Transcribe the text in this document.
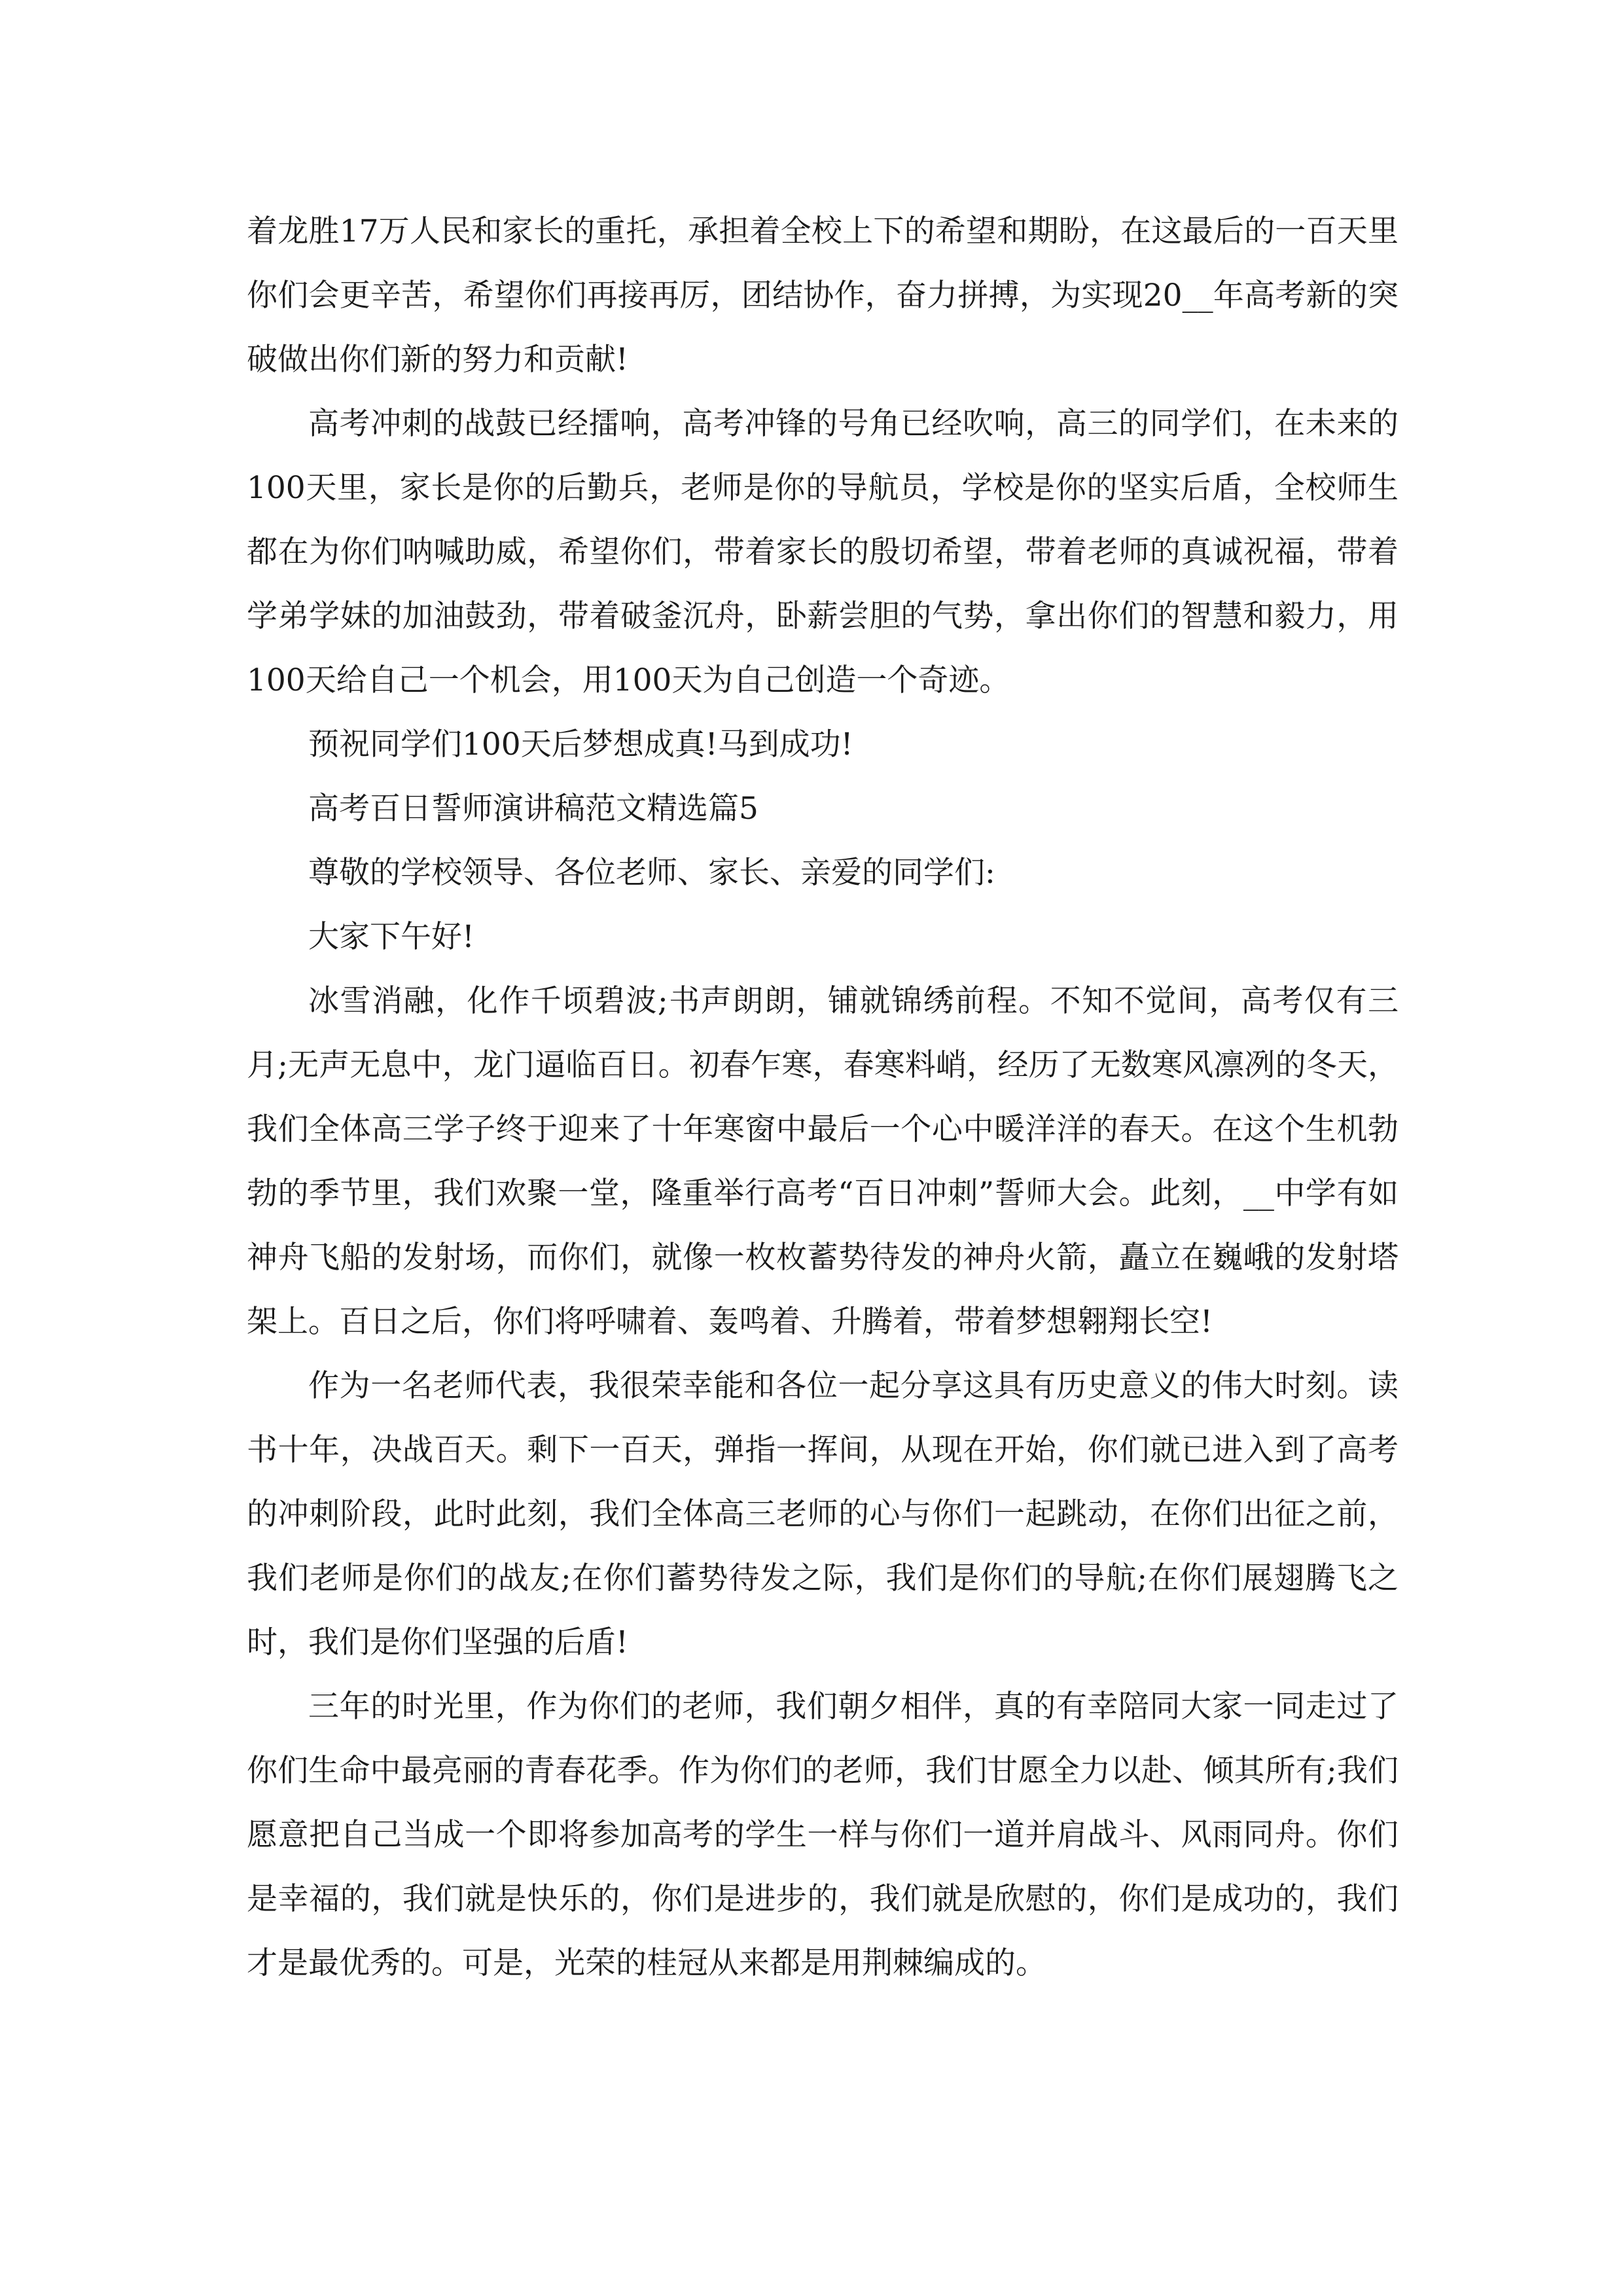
着龙胜17万人民和家长的重托，承担着全校上下的希望和期盼，在这最后的一百天里你们会更辛苦，希望你们再接再厉，团结协作，奋力拼搏，为实现20__年高考新的突破做出你们新的努力和贡献!

高考冲刺的战鼓已经擂响，高考冲锋的号角已经吹响，高三的同学们，在未来的100天里，家长是你的后勤兵，老师是你的导航员，学校是你的坚实后盾，全校师生都在为你们呐喊助威，希望你们，带着家长的殷切希望，带着老师的真诚祝福，带着学弟学妹的加油鼓劲，带着破釜沉舟，卧薪尝胆的气势，拿出你们的智慧和毅力，用100天给自己一个机会，用100天为自己创造一个奇迹。

预祝同学们100天后梦想成真!马到成功!

高考百日誓师演讲稿范文精选篇5

尊敬的学校领导、各位老师、家长、亲爱的同学们:

大家下午好!

冰雪消融，化作千顷碧波;书声朗朗，铺就锦绣前程。不知不觉间，高考仅有三月;无声无息中，龙门逼临百日。初春乍寒，春寒料峭，经历了无数寒风凛冽的冬天，我们全体高三学子终于迎来了十年寒窗中最后一个心中暖洋洋的春天。在这个生机勃勃的季节里，我们欢聚一堂，隆重举行高考“百日冲刺”誓师大会。此刻，__中学有如神舟飞船的发射场，而你们，就像一枚枚蓄势待发的神舟火箭，矗立在巍峨的发射塔架上。百日之后，你们将呼啸着、轰鸣着、升腾着，带着梦想翱翔长空!

作为一名老师代表，我很荣幸能和各位一起分享这具有历史意义的伟大时刻。读书十年，决战百天。剩下一百天，弹指一挥间，从现在开始，你们就已进入到了高考的冲刺阶段，此时此刻，我们全体高三老师的心与你们一起跳动，在你们出征之前，我们老师是你们的战友;在你们蓄势待发之际，我们是你们的导航;在你们展翅腾飞之时，我们是你们坚强的后盾!

三年的时光里，作为你们的老师，我们朝夕相伴，真的有幸陪同大家一同走过了你们生命中最亮丽的青春花季。作为你们的老师，我们甘愿全力以赴、倾其所有;我们愿意把自己当成一个即将参加高考的学生一样与你们一道并肩战斗、风雨同舟。你们是幸福的，我们就是快乐的，你们是进步的，我们就是欣慰的，你们是成功的，我们才是最优秀的。可是，光荣的桂冠从来都是用荆棘编成的。
